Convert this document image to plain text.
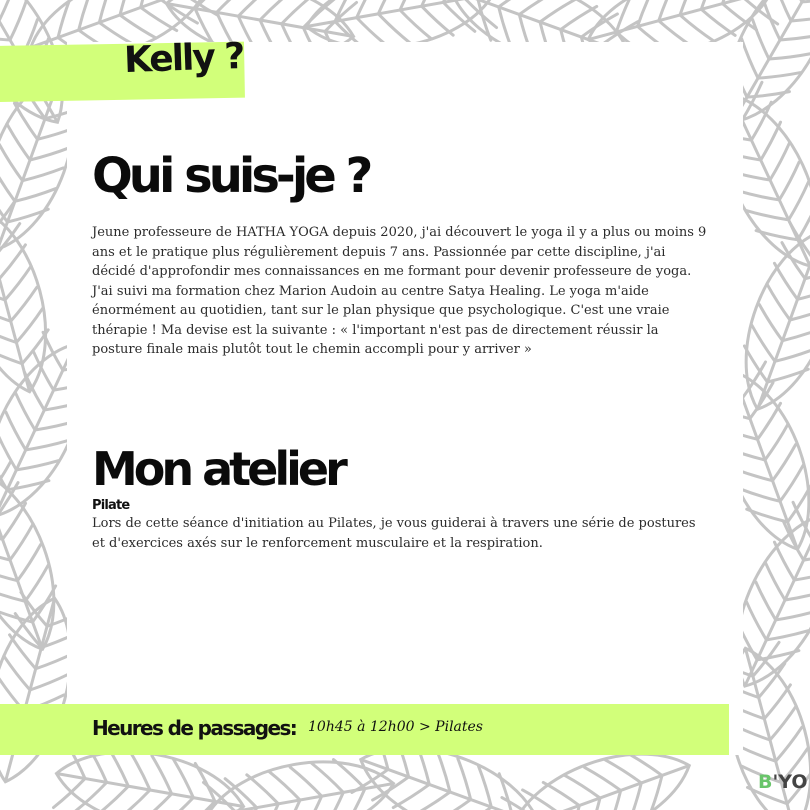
Kelly ?
Qui suis-je ?
Jeune professeure de HATHA YOGA depuis 2020, j'ai découvert le yoga il y a plus ou moins 9 ans et le pratique plus régulièrement depuis 7 ans. Passionnée par cette discipline, j'ai décidé d'approfondir mes connaissances en me formant pour devenir professeure de yoga. J'ai suivi ma formation chez Marion Audoin au centre Satya Healing. Le yoga m'aide énormément au quotidien, tant sur le plan physique que psychologique. C'est une vraie thérapie ! Ma devise est la suivante : « l'important n'est pas de directement réussir la posture finale mais plutôt tout le chemin accompli pour y arriver »
Mon atelier
Pilate
Lors de cette séance d'initiation au Pilates, je vous guiderai à travers une série de postures et d'exercices axés sur le renforcement musculaire et la respiration.
Heures de passages: 10h45 à 12h00 > Pilates
B'YO
